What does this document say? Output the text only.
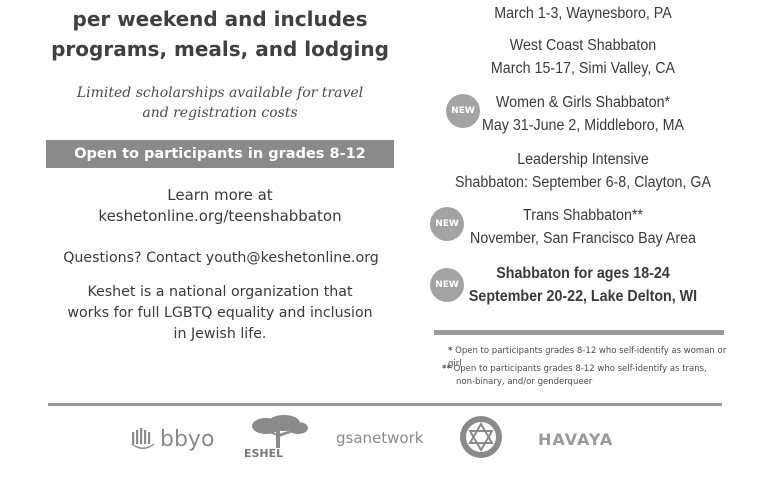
per weekend and includes
programs, meals, and lodging
Limited scholarships available for travel
and registration costs
Open to participants in grades 8-12
Learn more at
keshetonline.org/teenshabbaton
Questions? Contact youth@keshetonline.org
Keshet is a national organization that
works for full LGBTQ equality and inclusion
in Jewish life.
March 1-3, Waynesboro, PA
West Coast Shabbaton
March 15-17, Simi Valley, CA
NEW	Women & Girls Shabbaton*
May 31-June 2, Middleboro, MA
Leadership Intensive
Shabbaton: September 6-8, Clayton, GA
NEW	Trans Shabbaton**
November, San Francisco Bay Area
NEW
Shabbaton for ages 18-24
September 20-22, Lake Delton, WI
* Open to participants grades 8-12 who self-identify as woman or girl
** Open to participants grades 8-12 who self-identify as trans,
non-binary, and/or genderqueer
bbyo
ESHEL
gsanetwork	HAVAYA
